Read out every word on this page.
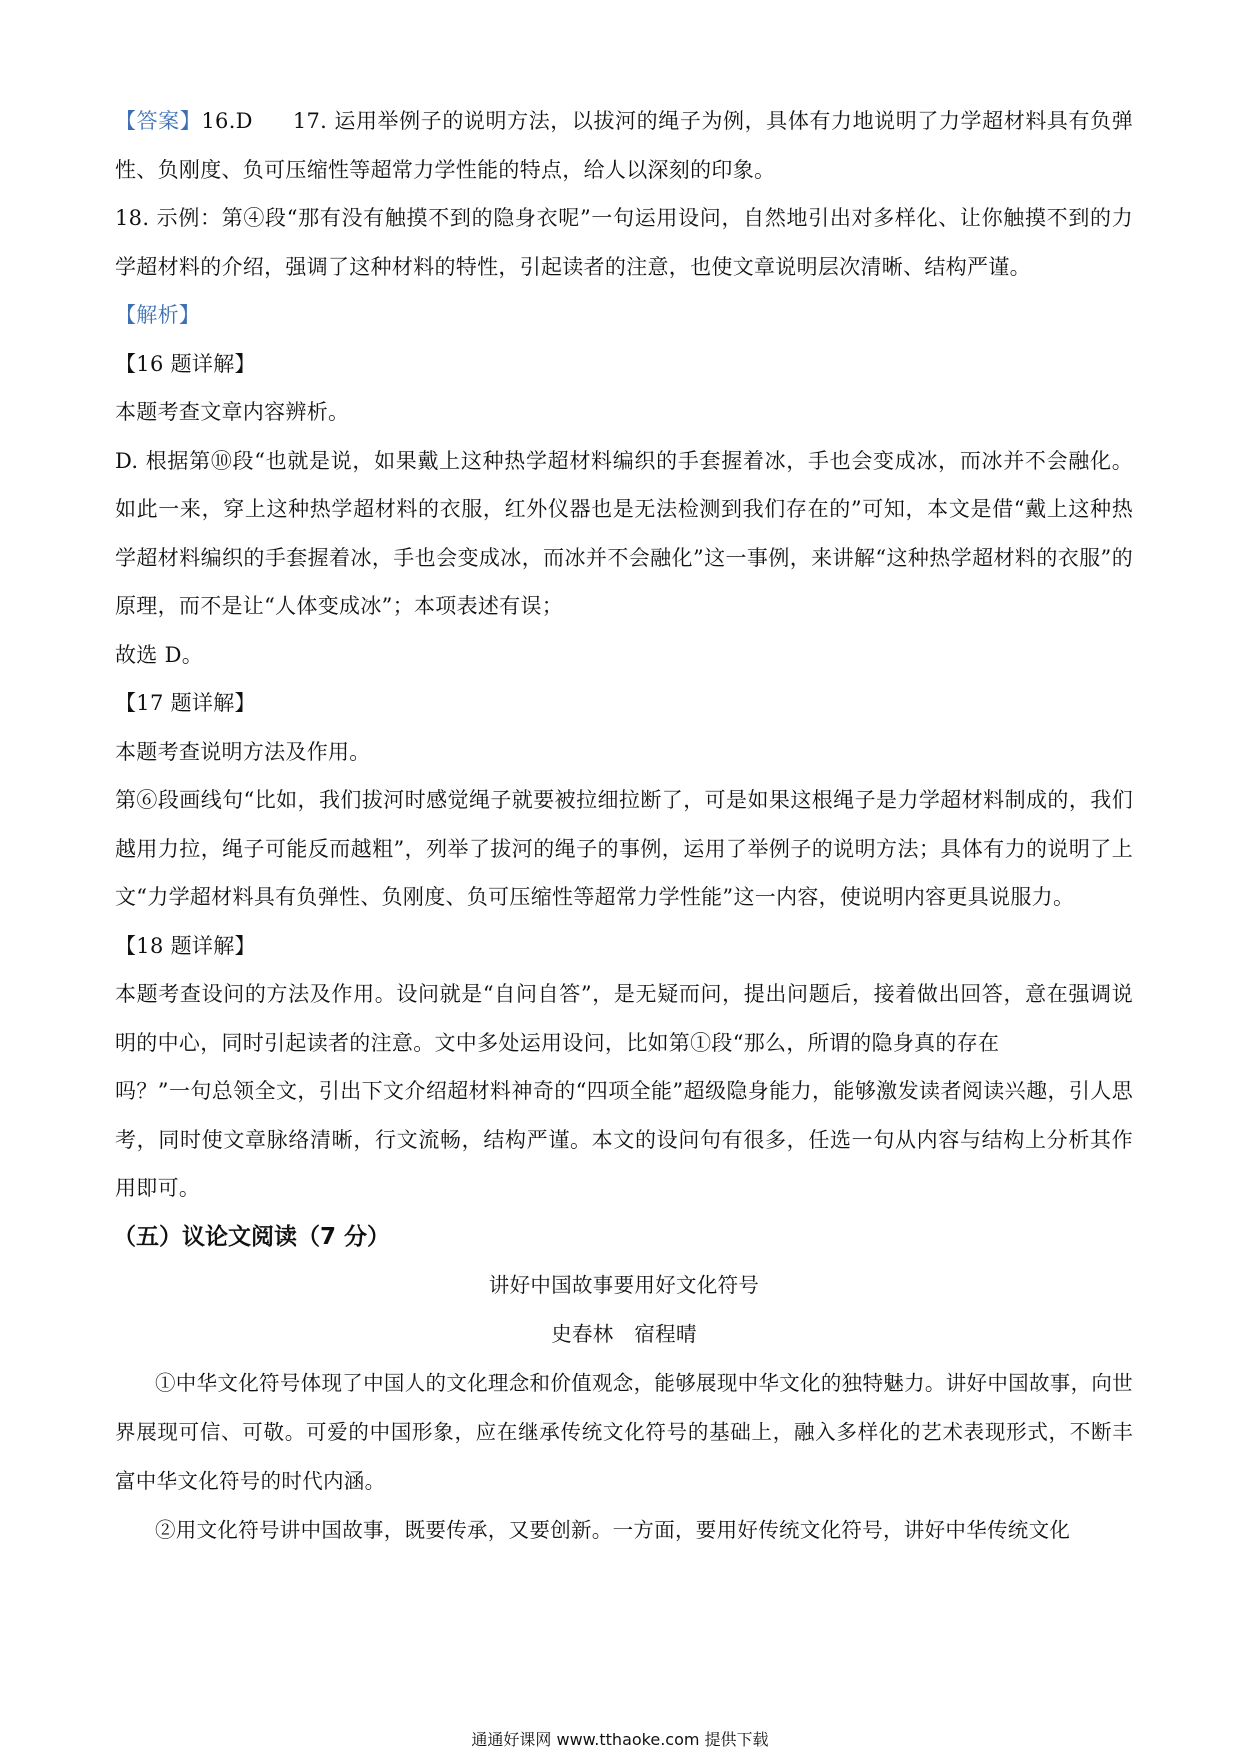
【答案】16.D 17. 运用举例子的说明方法，以拔河的绳子为例，具体有力地说明了力学超材料具有负弹性、负刚度、负可压缩性等超常力学性能的特点，给人以深刻的印象。

18. 示例：第④段“那有没有触摸不到的隐身衣呢”一句运用设问，自然地引出对多样化、让你触摸不到的力学超材料的介绍，强调了这种材料的特性，引起读者的注意，也使文章说明层次清晰、结构严谨。

【解析】

【16 题详解】

本题考查文章内容辨析。

D. 根据第⑩段“也就是说，如果戴上这种热学超材料编织的手套握着冰，手也会变成冰，而冰并不会融化。如此一来，穿上这种热学超材料的衣服，红外仪器也是无法检测到我们存在的”可知，本文是借“戴上这种热学超材料编织的手套握着冰，手也会变成冰，而冰并不会融化”这一事例，来讲解“这种热学超材料的衣服”的原理，而不是让“人体变成冰”；本项表述有误；

故选 D。

【17 题详解】

本题考查说明方法及作用。

第⑥段画线句“比如，我们拔河时感觉绳子就要被拉细拉断了，可是如果这根绳子是力学超材料制成的，我们越用力拉，绳子可能反而越粗”，列举了拔河的绳子的事例，运用了举例子的说明方法；具体有力的说明了上文“力学超材料具有负弹性、负刚度、负可压缩性等超常力学性能”这一内容，使说明内容更具说服力。

【18 题详解】

本题考查设问的方法及作用。设问就是“自问自答”，是无疑而问，提出问题后，接着做出回答，意在强调说明的中心，同时引起读者的注意。文中多处运用设问，比如第①段“那么，所谓的隐身真的存在

吗？”一句总领全文，引出下文介绍超材料神奇的“四项全能”超级隐身能力，能够激发读者阅读兴趣，引人思考，同时使文章脉络清晰，行文流畅，结构严谨。本文的设问句有很多，任选一句从内容与结构上分析其作用即可。

（五）议论文阅读（7 分）

讲好中国故事要用好文化符号

史春林　宿程晴

①中华文化符号体现了中国人的文化理念和价值观念，能够展现中华文化的独特魅力。讲好中国故事，向世界展现可信、可敬。可爱的中国形象，应在继承传统文化符号的基础上，融入多样化的艺术表现形式，不断丰富中华文化符号的时代内涵。

②用文化符号讲中国故事，既要传承，又要创新。一方面，要用好传统文化符号，讲好中华传统文化

通通好课网 www.tthaoke.com 提供下载
